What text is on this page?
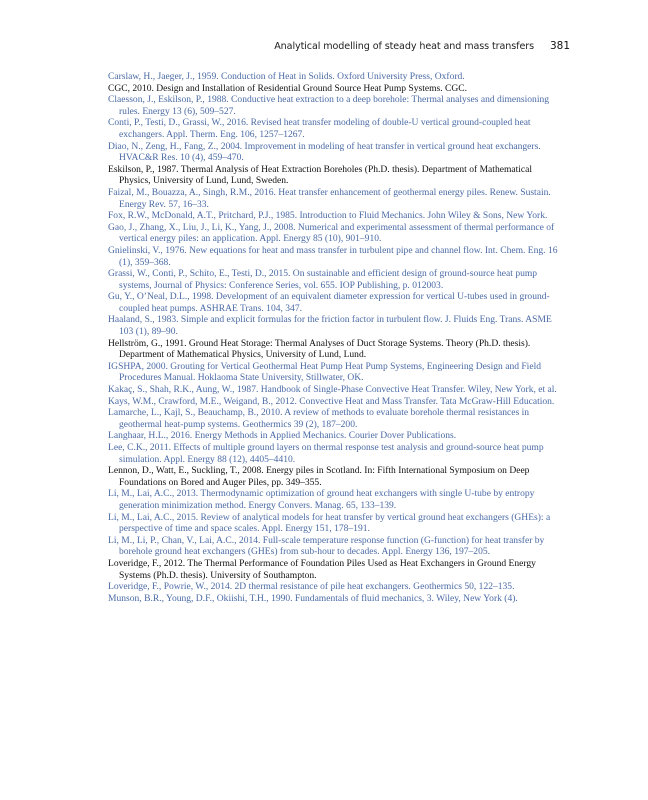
Analytical modelling of steady heat and mass transfers 381

Carslaw, H., Jaeger, J., 1959. Conduction of Heat in Solids. Oxford University Press, Oxford.

CGC, 2010. Design and Installation of Residential Ground Source Heat Pump Systems. CGC.

Claesson, J., Eskilson, P., 1988. Conductive heat extraction to a deep borehole: Thermal analyses and dimensioning rules. Energy 13 (6), 509–527.

Conti, P., Testi, D., Grassi, W., 2016. Revised heat transfer modeling of double-U vertical ground-coupled heat exchangers. Appl. Therm. Eng. 106, 1257–1267.

Diao, N., Zeng, H., Fang, Z., 2004. Improvement in modeling of heat transfer in vertical ground heat exchangers. HVAC&R Res. 10 (4), 459–470.

Eskilson, P., 1987. Thermal Analysis of Heat Extraction Boreholes (Ph.D. thesis). Department of Mathematical Physics, University of Lund, Lund, Sweden.

Faizal, M., Bouazza, A., Singh, R.M., 2016. Heat transfer enhancement of geothermal energy piles. Renew. Sustain. Energy Rev. 57, 16–33.

Fox, R.W., McDonald, A.T., Pritchard, P.J., 1985. Introduction to Fluid Mechanics. John Wiley & Sons, New York.

Gao, J., Zhang, X., Liu, J., Li, K., Yang, J., 2008. Numerical and experimental assessment of thermal performance of vertical energy piles: an application. Appl. Energy 85 (10), 901–910.

Gnielinski, V., 1976. New equations for heat and mass transfer in turbulent pipe and channel flow. Int. Chem. Eng. 16 (1), 359–368.

Grassi, W., Conti, P., Schito, E., Testi, D., 2015. On sustainable and efficient design of ground-source heat pump systems, Journal of Physics: Conference Series, vol. 655. IOP Publishing, p. 012003.

Gu, Y., O’Neal, D.L., 1998. Development of an equivalent diameter expression for vertical U-tubes used in ground-coupled heat pumps. ASHRAE Trans. 104, 347.

Haaland, S., 1983. Simple and explicit formulas for the friction factor in turbulent flow. J. Fluids Eng. Trans. ASME 103 (1), 89–90.

Hellström, G., 1991. Ground Heat Storage: Thermal Analyses of Duct Storage Systems. Theory (Ph.D. thesis). Department of Mathematical Physics, University of Lund, Lund.

IGSHPA, 2000. Grouting for Vertical Geothermal Heat Pump Heat Pump Systems, Engineering Design and Field Procedures Manual. Hoklaoma State University, Stillwater, OK.

Kakaç, S., Shah, R.K., Aung, W., 1987. Handbook of Single-Phase Convective Heat Transfer. Wiley, New York, et al.

Kays, W.M., Crawford, M.E., Weigand, B., 2012. Convective Heat and Mass Transfer. Tata McGraw-Hill Education.

Lamarche, L., Kajl, S., Beauchamp, B., 2010. A review of methods to evaluate borehole thermal resistances in geothermal heat-pump systems. Geothermics 39 (2), 187–200.

Langhaar, H.L., 2016. Energy Methods in Applied Mechanics. Courier Dover Publications.

Lee, C.K., 2011. Effects of multiple ground layers on thermal response test analysis and ground-source heat pump simulation. Appl. Energy 88 (12), 4405–4410.

Lennon, D., Watt, E., Suckling, T., 2008. Energy piles in Scotland. In: Fifth International Symposium on Deep Foundations on Bored and Auger Piles, pp. 349–355.

Li, M., Lai, A.C., 2013. Thermodynamic optimization of ground heat exchangers with single U-tube by entropy generation minimization method. Energy Convers. Manag. 65, 133–139.

Li, M., Lai, A.C., 2015. Review of analytical models for heat transfer by vertical ground heat exchangers (GHEs): a perspective of time and space scales. Appl. Energy 151, 178–191.

Li, M., Li, P., Chan, V., Lai, A.C., 2014. Full-scale temperature response function (G-function) for heat transfer by borehole ground heat exchangers (GHEs) from sub-hour to decades. Appl. Energy 136, 197–205.

Loveridge, F., 2012. The Thermal Performance of Foundation Piles Used as Heat Exchangers in Ground Energy Systems (Ph.D. thesis). University of Southampton.

Loveridge, F., Powrie, W., 2014. 2D thermal resistance of pile heat exchangers. Geothermics 50, 122–135.

Munson, B.R., Young, D.F., Okiishi, T.H., 1990. Fundamentals of fluid mechanics, 3. Wiley, New York (4).
